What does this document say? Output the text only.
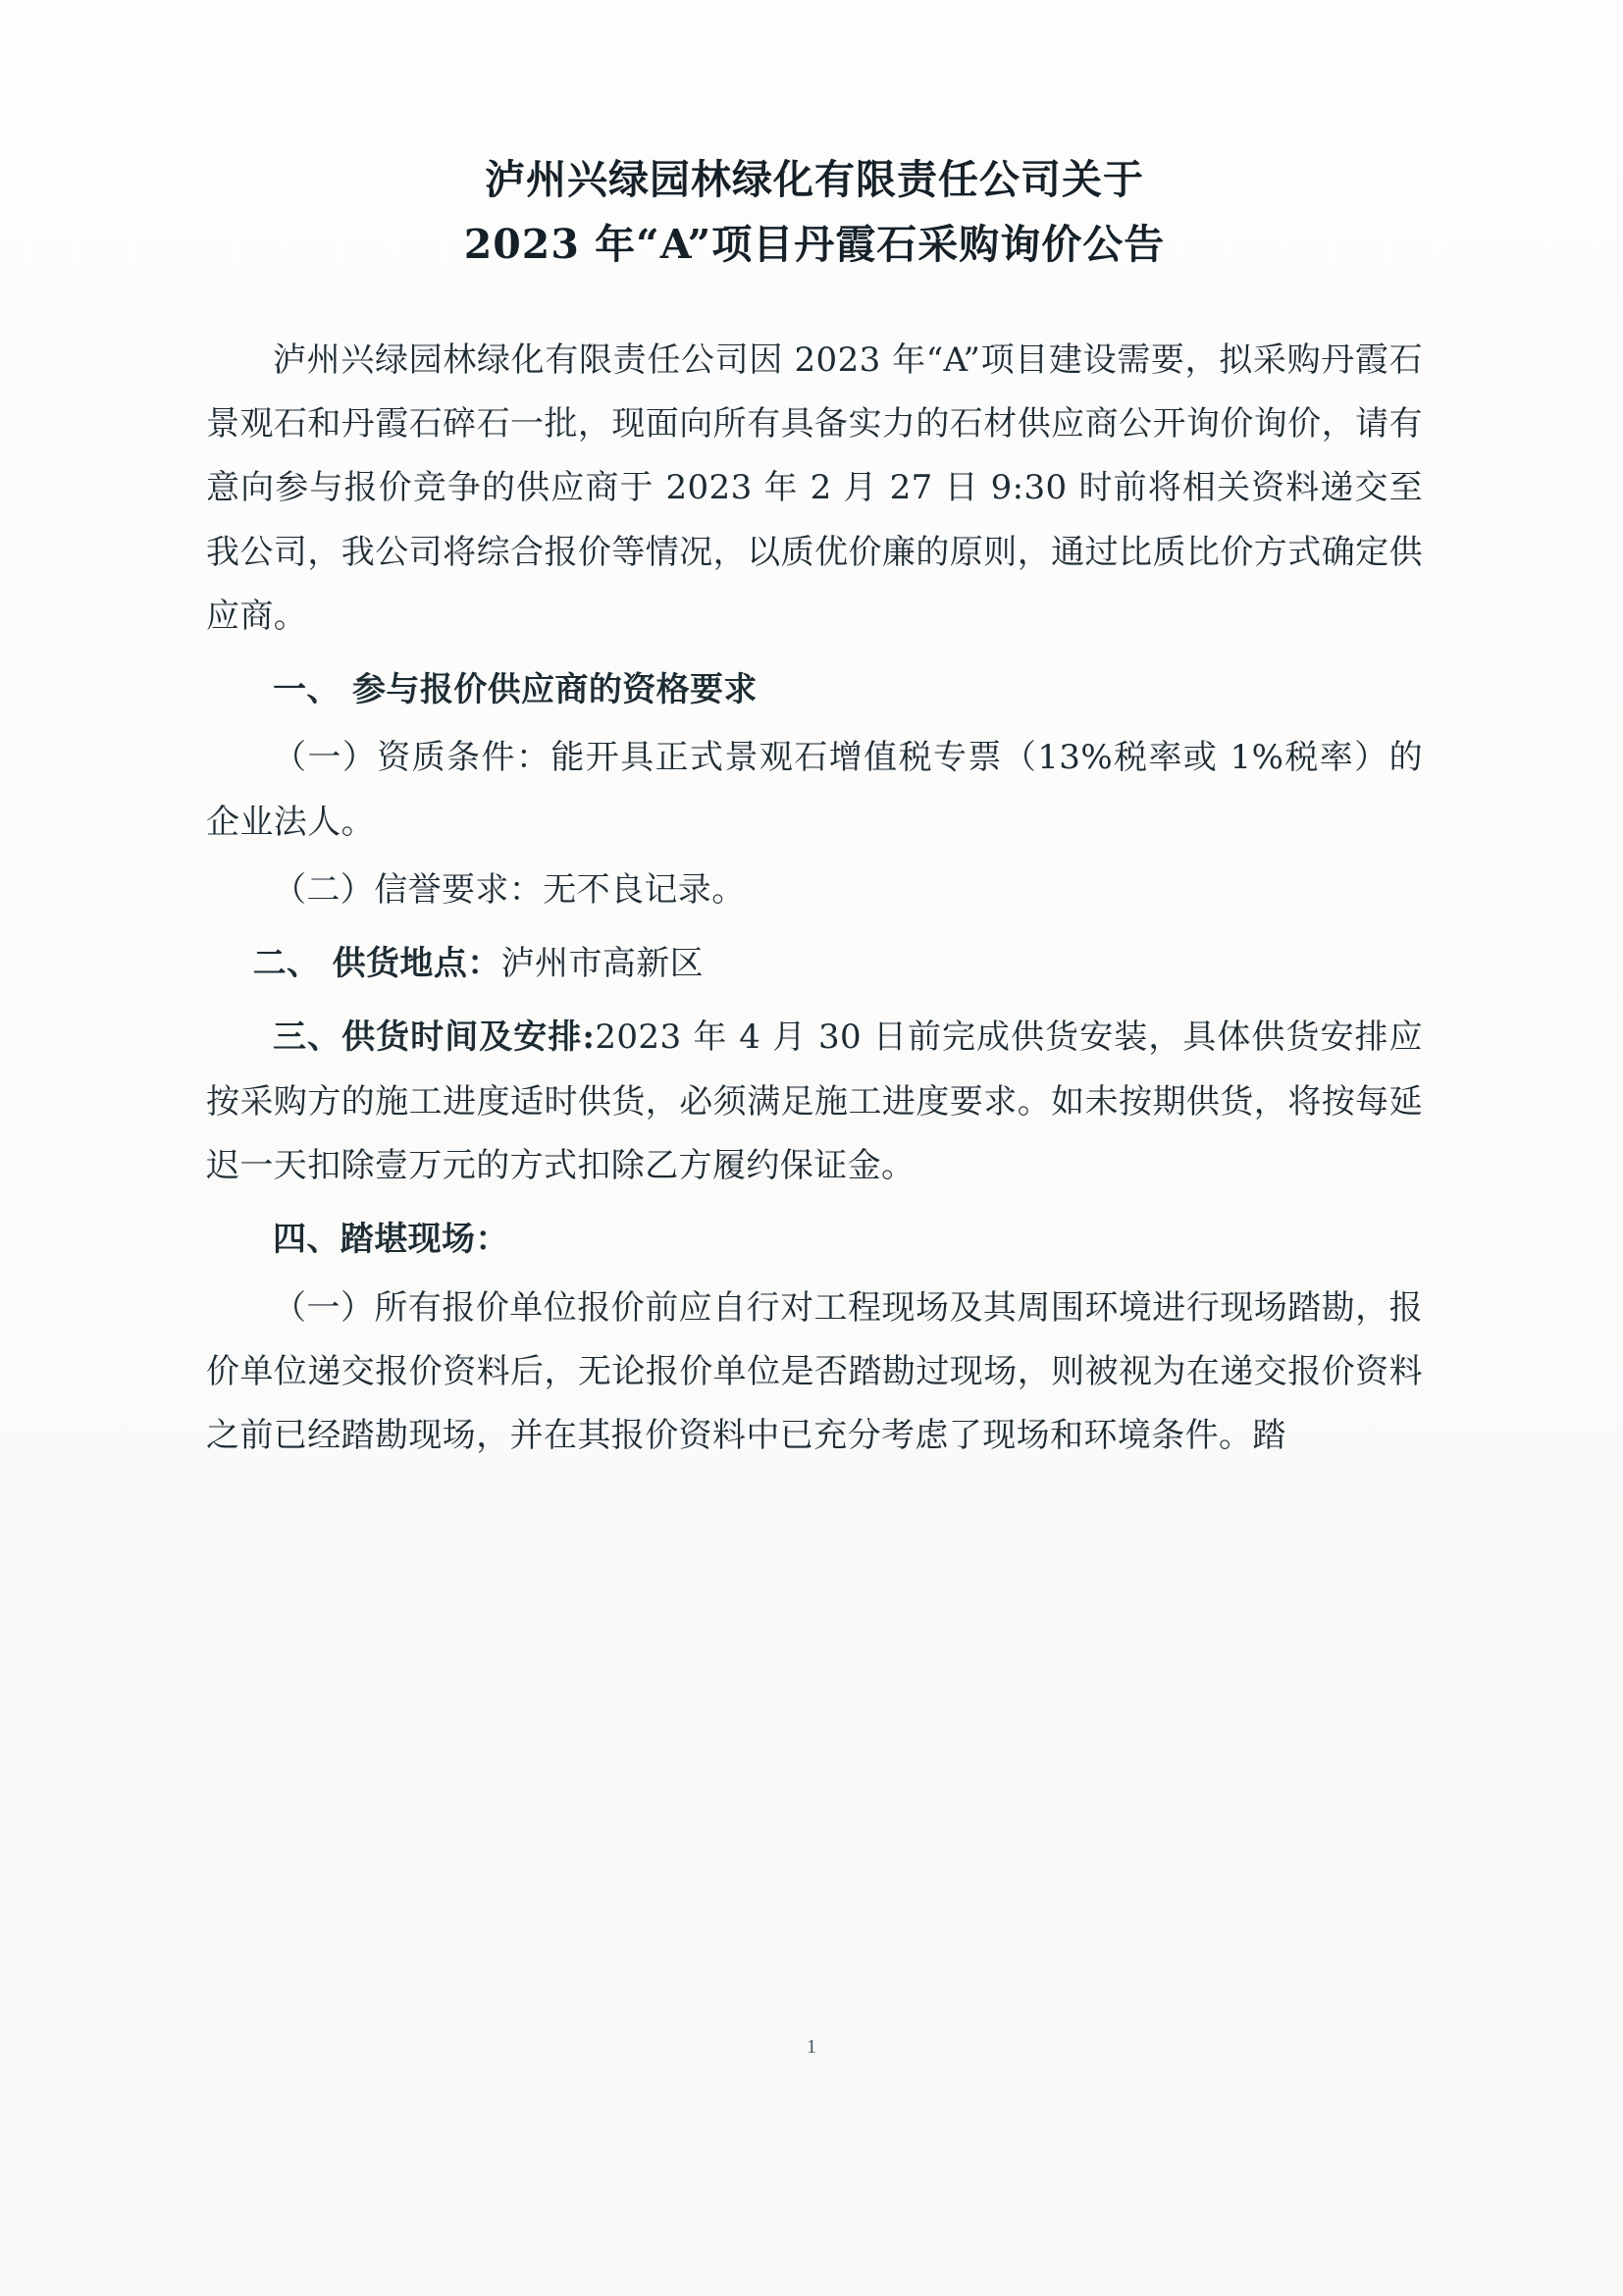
泸州兴绿园林绿化有限责任公司关于
2023 年“A”项目丹霞石采购询价公告

泸州兴绿园林绿化有限责任公司因 2023 年“A”项目建设需要，拟采购丹霞石景观石和丹霞石碎石一批，现面向所有具备实力的石材供应商公开询价询价，请有意向参与报价竞争的供应商于 2023 年 2 月 27 日 9:30 时前将相关资料递交至我公司，我公司将综合报价等情况，以质优价廉的原则，通过比质比价方式确定供应商。

一、 参与报价供应商的资格要求

（一）资质条件：能开具正式景观石增值税专票（13%税率或 1%税率）的企业法人。

（二）信誉要求：无不良记录。

二、 供货地点：泸州市高新区

三、供货时间及安排:2023 年 4 月 30 日前完成供货安装，具体供货安排应按采购方的施工进度适时供货，必须满足施工进度要求。如未按期供货，将按每延迟一天扣除壹万元的方式扣除乙方履约保证金。

四、踏堪现场：

（一）所有报价单位报价前应自行对工程现场及其周围环境进行现场踏勘，报价单位递交报价资料后，无论报价单位是否踏勘过现场，则被视为在递交报价资料之前已经踏勘现场，并在其报价资料中已充分考虑了现场和环境条件。踏

1
